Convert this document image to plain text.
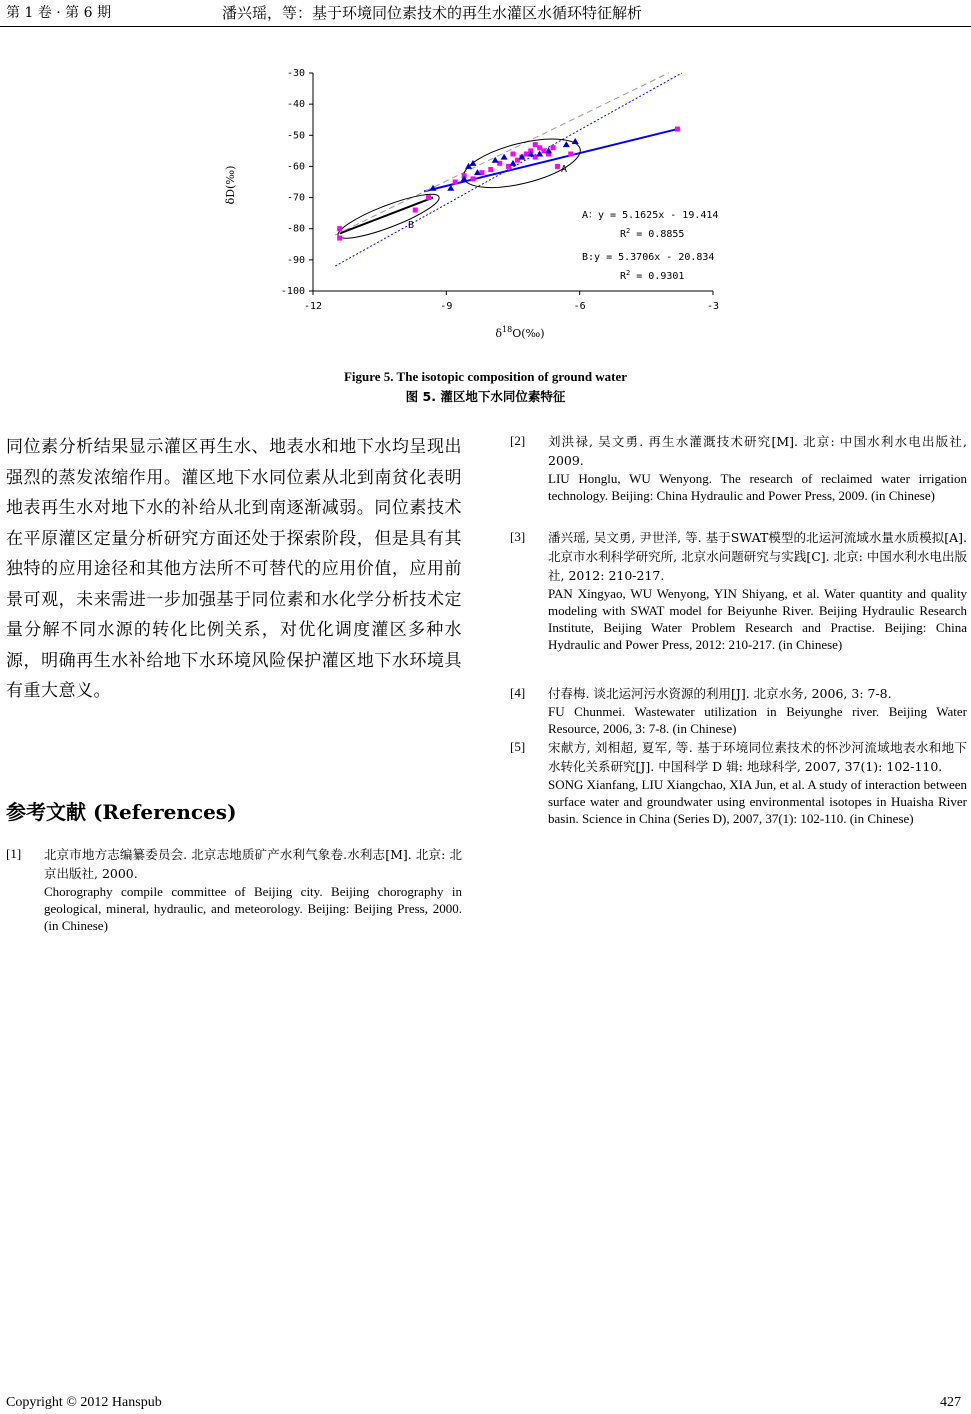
第 1 卷 · 第 6 期	潘兴瑶，等：基于环境同位素技术的再生水灌区水循环特征解析
-30
-40
-50
-60
-70
-80
-90
-100
-12	-9	-6	-3
$\delta^{18}O(‰)$
δD(‰)	A
B
A：y = 5.1625x - 19.414
$R^2 = 0.8855$
B:y = 5.3706x - 20.834
$R^2 = 0.9301$
Figure 5. The isotopic composition of ground water
图 5. 灌区地下水同位素特征
同位素分析结果显示灌区再生水、地表水和地下水均呈现出强烈的蒸发浓缩作用。灌区地下水同位素从北到南贫化表明地表再生水对地下水的补给从北到南逐渐减弱。同位素技术在平原灌区定量分析研究方面还处于探索阶段，但是具有其独特的应用途径和其他方法所不可替代的应用价值，应用前景可观，未来需进一步加强基于同位素和水化学分析技术定量分解不同水源的转化比例关系，对优化调度灌区多种水源，明确再生水补给地下水环境风险保护灌区地下水环境具有重大意义。
参考文献 (References)
[1] 北京市地方志编纂委员会. 北京志地质矿产水利气象卷.水利志[M]. 北京: 北京出版社, 2000.
Chorography compile committee of Beijing city. Beijing chorography in geological, mineral, hydraulic, and meteorology. Beijing: Beijing Press, 2000. (in Chinese)
[2] 刘洪禄, 吴文勇. 再生水灌溉技术研究[M]. 北京: 中国水利水电出版社, 2009.
LIU Honglu, WU Wenyong. The research of reclaimed water irrigation technology. Beijing: China Hydraulic and Power Press, 2009. (in Chinese)
[3] 潘兴瑶, 吴文勇, 尹世洋, 等. 基于SWAT模型的北运河流域水量水质模拟[A]. 北京市水利科学研究所, 北京水问题研究与实践[C]. 北京: 中国水利水电出版社, 2012: 210-217.
PAN Xingyao, WU Wenyong, YIN Shiyang, et al. Water quantity and quality modeling with SWAT model for Beiyunhe River. Beijing Hydraulic Research Institute, Beijing Water Problem Research and Practise. Beijing: China Hydraulic and Power Press, 2012: 210-217. (in Chinese)
[4] 付春梅. 谈北运河污水资源的利用[J]. 北京水务, 2006, 3: 7-8.
FU Chunmei. Wastewater utilization in Beiyunghe river. Beijing Water Resource, 2006, 3: 7-8. (in Chinese)
[5] 宋献方, 刘相超, 夏军, 等. 基于环境同位素技术的怀沙河流域地表水和地下水转化关系研究[J]. 中国科学 D 辑: 地球科学, 2007, 37(1): 102-110.
SONG Xianfang, LIU Xiangchao, XIA Jun, et al. A study of interaction between surface water and groundwater using environmental isotopes in Huaisha River basin. Science in China (Series D), 2007, 37(1): 102-110. (in Chinese)
Copyright © 2012 Hanspub	427
